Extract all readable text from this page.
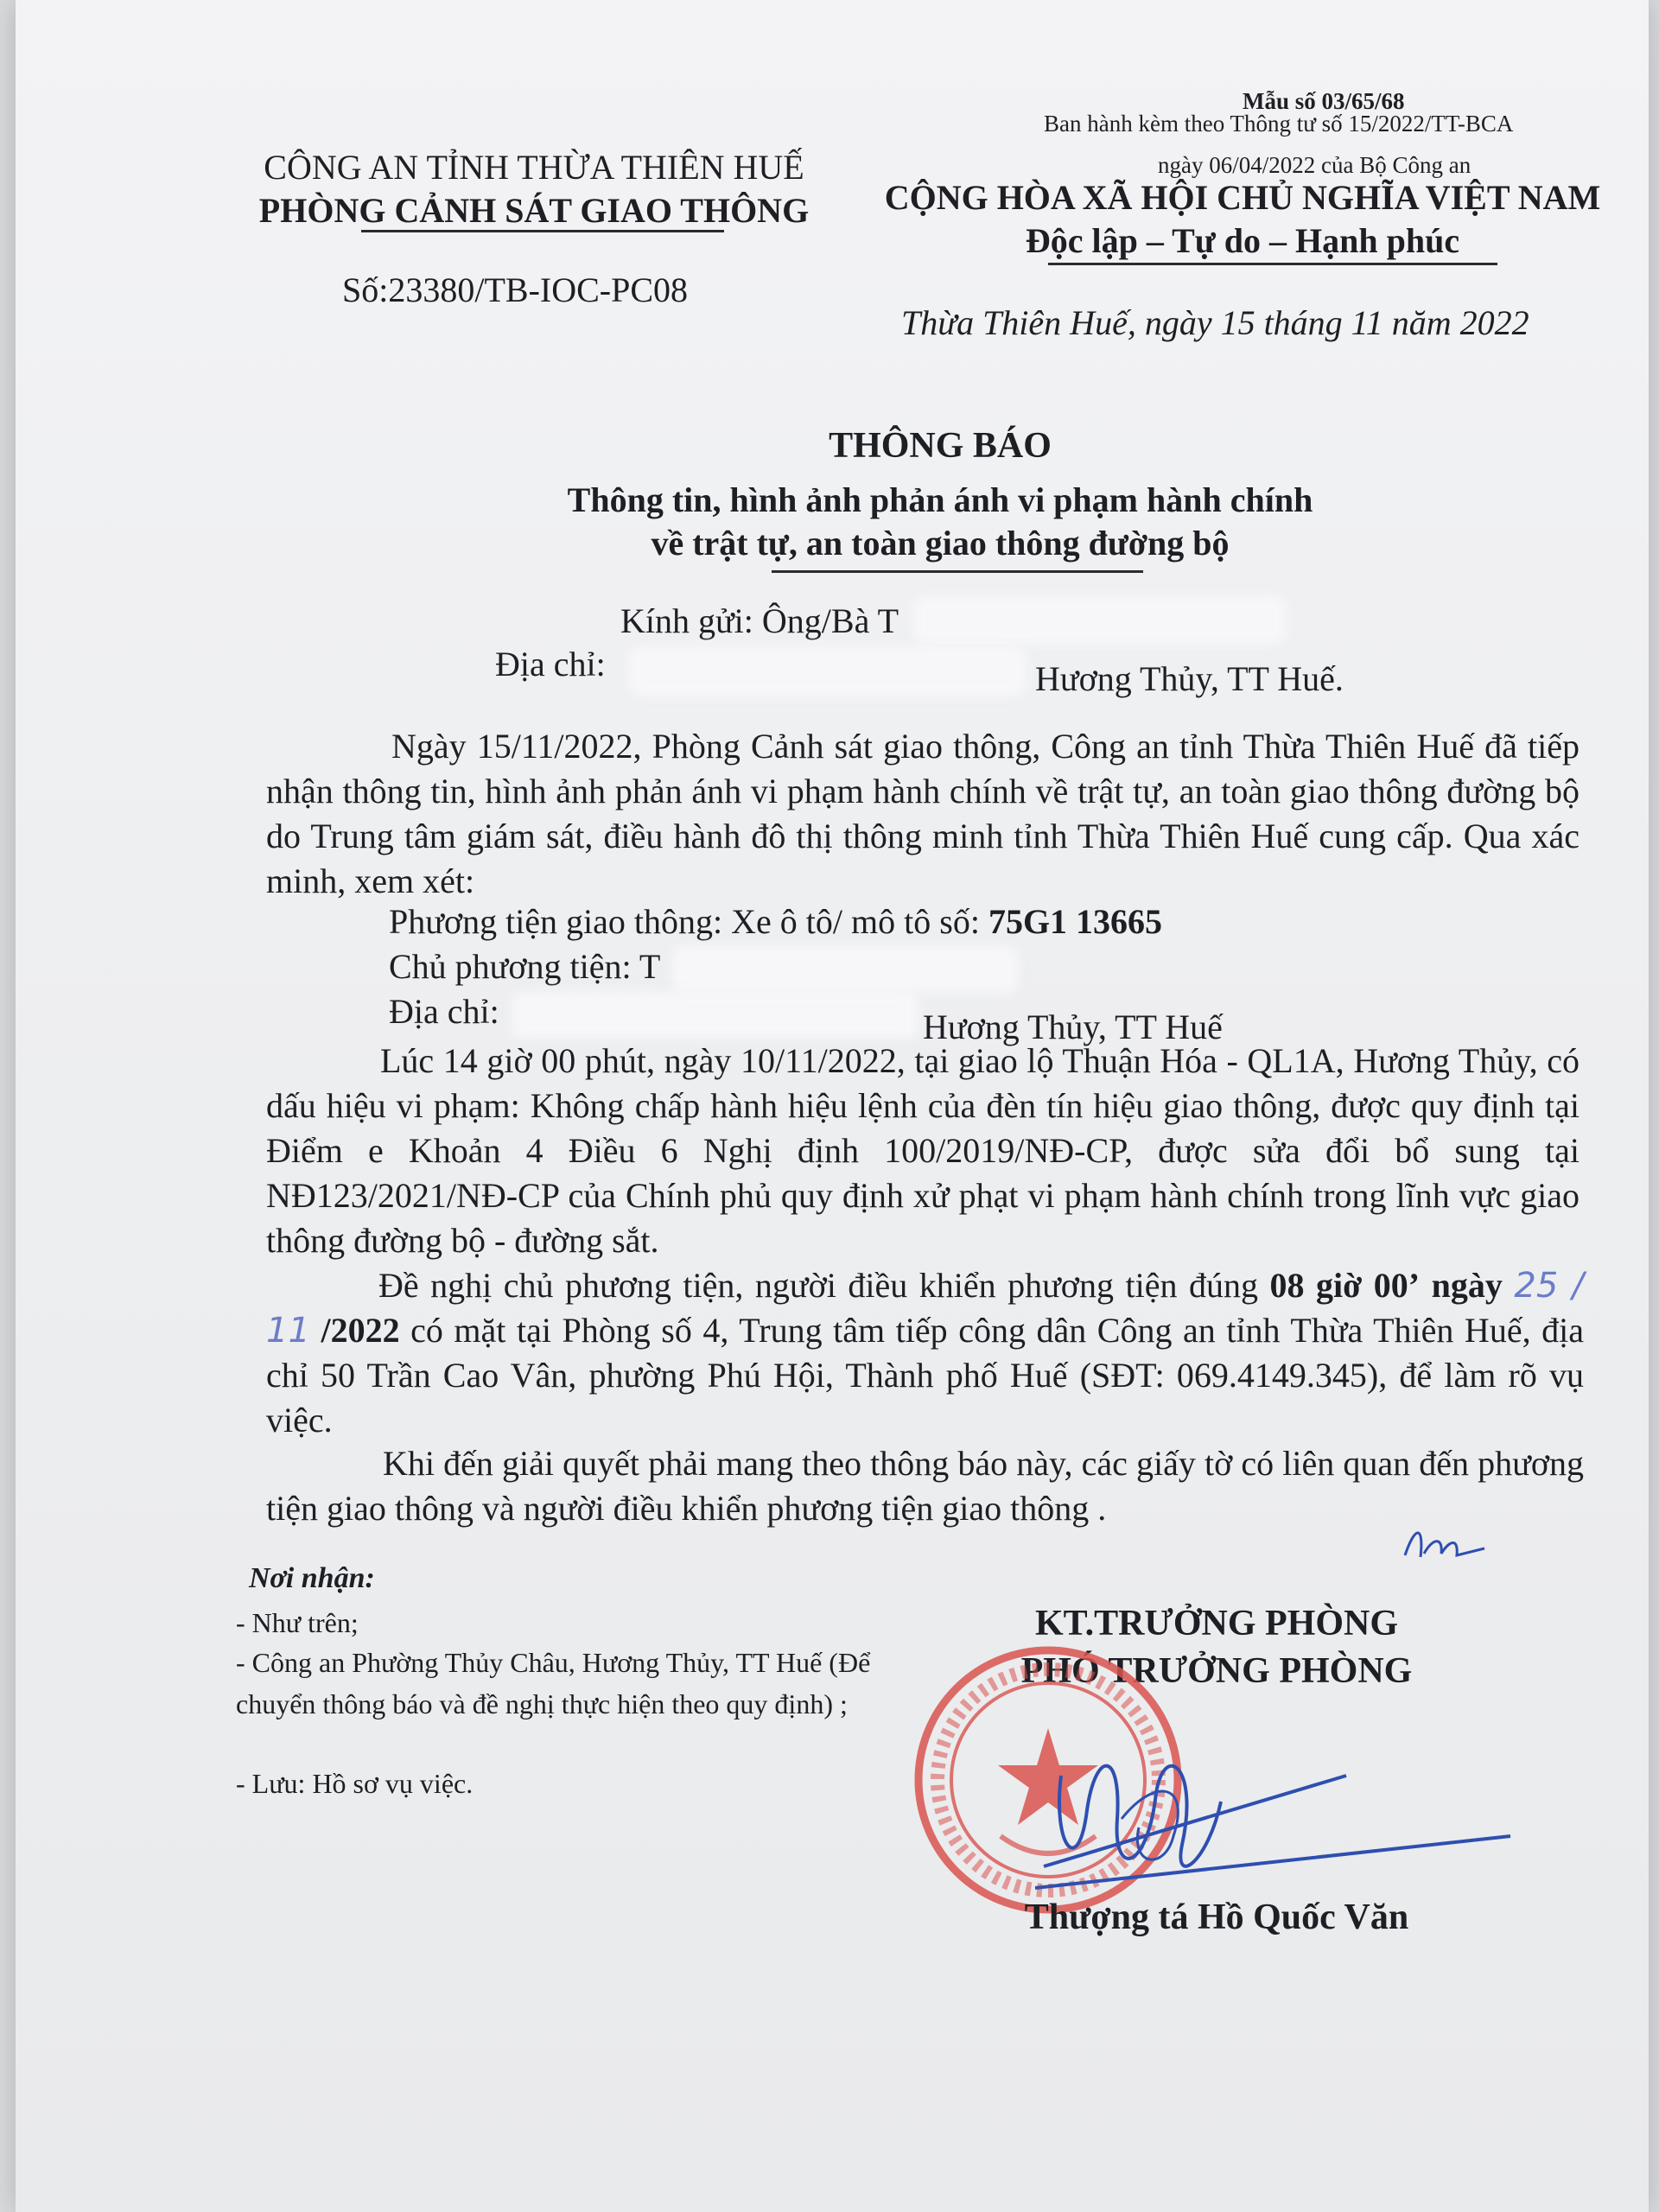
Mẫu số 03/65/68
Ban hành kèm theo Thông tư số 15/2022/TT-BCA
ngày 06/04/2022 của Bộ Công an
CÔNG AN TỈNH THỪA THIÊN HUẾ
PHÒNG CẢNH SÁT GIAO THÔNG
Số:23380/TB-IOC-PC08
CỘNG HÒA XÃ HỘI CHỦ NGHĨA VIỆT NAM
Độc lập – Tự do – Hạnh phúc
Thừa Thiên Huế, ngày 15 tháng 11 năm 2022
THÔNG BÁO
Thông tin, hình ảnh phản ánh vi phạm hành chính
về trật tự, an toàn giao thông đường bộ
Kính gửi: Ông/Bà T
Địa chỉ:	Hương Thủy, TT Huế.
Ngày 15/11/2022, Phòng Cảnh sát giao thông, Công an tỉnh Thừa Thiên Huế đã tiếp nhận thông tin, hình ảnh phản ánh vi phạm hành chính về trật tự, an toàn giao thông đường bộ do Trung tâm giám sát, điều hành đô thị thông minh tỉnh Thừa Thiên Huế cung cấp. Qua xác minh, xem xét:
Phương tiện giao thông: Xe ô tô/ mô tô số: 75G1 13665
Chủ phương tiện: T
Địa chỉ:	Hương Thủy, TT Huế
Lúc 14 giờ 00 phút, ngày 10/11/2022, tại giao lộ Thuận Hóa - QL1A, Hương Thủy, có dấu hiệu vi phạm: Không chấp hành hiệu lệnh của đèn tín hiệu giao thông, được quy định tại Điểm e Khoản 4 Điều 6 Nghị định 100/2019/NĐ-CP, được sửa đổi bổ sung tại NĐ123/2021/NĐ-CP của Chính phủ quy định xử phạt vi phạm hành chính trong lĩnh vực giao thông đường bộ - đường sắt.
Đề nghị chủ phương tiện, người điều khiển phương tiện đúng 08 giờ 00’ ngày 25 / 11 /2022 có mặt tại Phòng số 4, Trung tâm tiếp công dân Công an tỉnh Thừa Thiên Huế, địa chỉ 50 Trần Cao Vân, phường Phú Hội, Thành phố Huế (SĐT: 069.4149.345), để làm rõ vụ việc.
Khi đến giải quyết phải mang theo thông báo này, các giấy tờ có liên quan đến phương tiện giao thông và người điều khiển phương tiện giao thông .
Nơi nhận:
- Như trên;
- Công an Phường Thủy Châu, Hương Thủy, TT Huế (Để chuyển thông báo và đề nghị thực hiện theo quy định) ;
- Lưu: Hồ sơ vụ việc.
KT.TRƯỞNG PHÒNG
PHÓ TRƯỞNG PHÒNG
Thượng tá Hồ Quốc Văn
